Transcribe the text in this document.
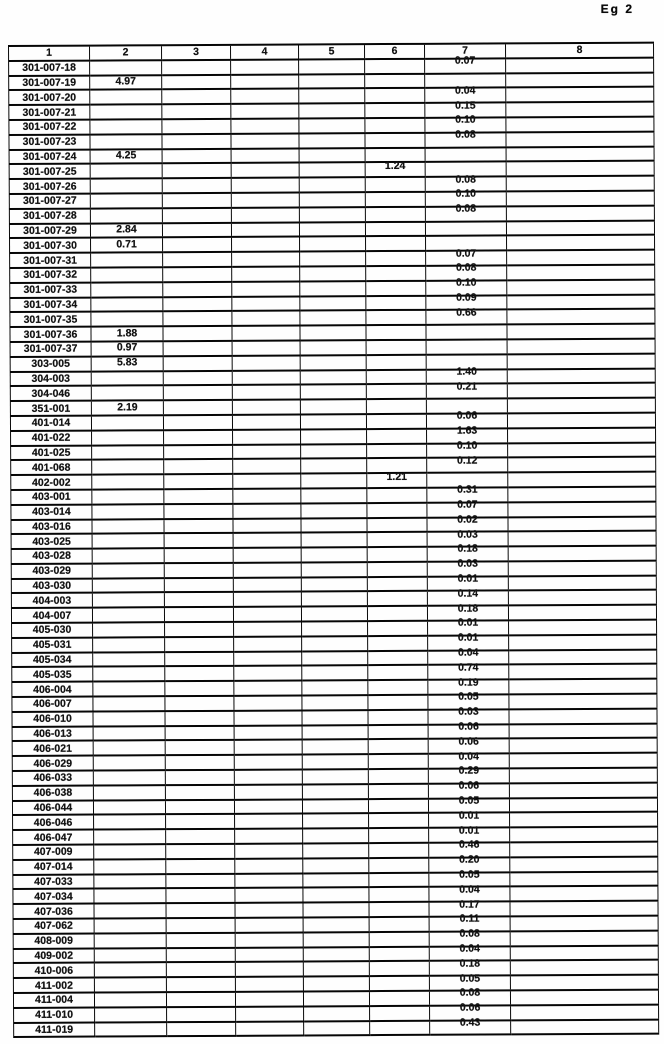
Eg 2
1	2	3	4	5	6	7	8
301-007-18						0.07	
301-007-19	4.97						
301-007-20						0.04	
301-007-21						0.15	
301-007-22						0.10	
301-007-23						0.08	
301-007-24	4.25						
301-007-25					1.24		
301-007-26						0.08	
301-007-27						0.10	
301-007-28						0.08	
301-007-29	2.84						
301-007-30	0.71						
301-007-31						0.07	
301-007-32						0.08	
301-007-33						0.10	
301-007-34						0.09	
301-007-35						0.66	
301-007-36	1.88						
301-007-37	0.97						
303-005	5.83						
304-003						1.40	
304-046						0.21	
351-001	2.19						
401-014						0.06	
401-022						1.63	
401-025						0.10	
401-068						0.12	
402-002					1.21		
403-001						0.31	
403-014						0.07	
403-016						0.02	
403-025						0.03	
403-028						0.18	
403-029						0.03	
403-030						0.01	
404-003						0.14	
404-007						0.18	
405-030						0.01	
405-031						0.01	
405-034						0.04	
405-035						0.74	
406-004						0.19	
406-007						0.05	
406-010						0.03	
406-013						0.06	
406-021						0.06	
406-029						0.04	
406-033						0.29	
406-038						0.06	
406-044						0.05	
406-046						0.01	
406-047						0.01	
407-009						0.46	
407-014						0.20	
407-033						0.05	
407-034						0.04	
407-036						0.17	
407-062						0.11	
408-009						0.08	
409-002						0.04	
410-006						0.18	
411-002						0.05	
411-004						0.08	
411-010						0.06	
411-019						0.43	
